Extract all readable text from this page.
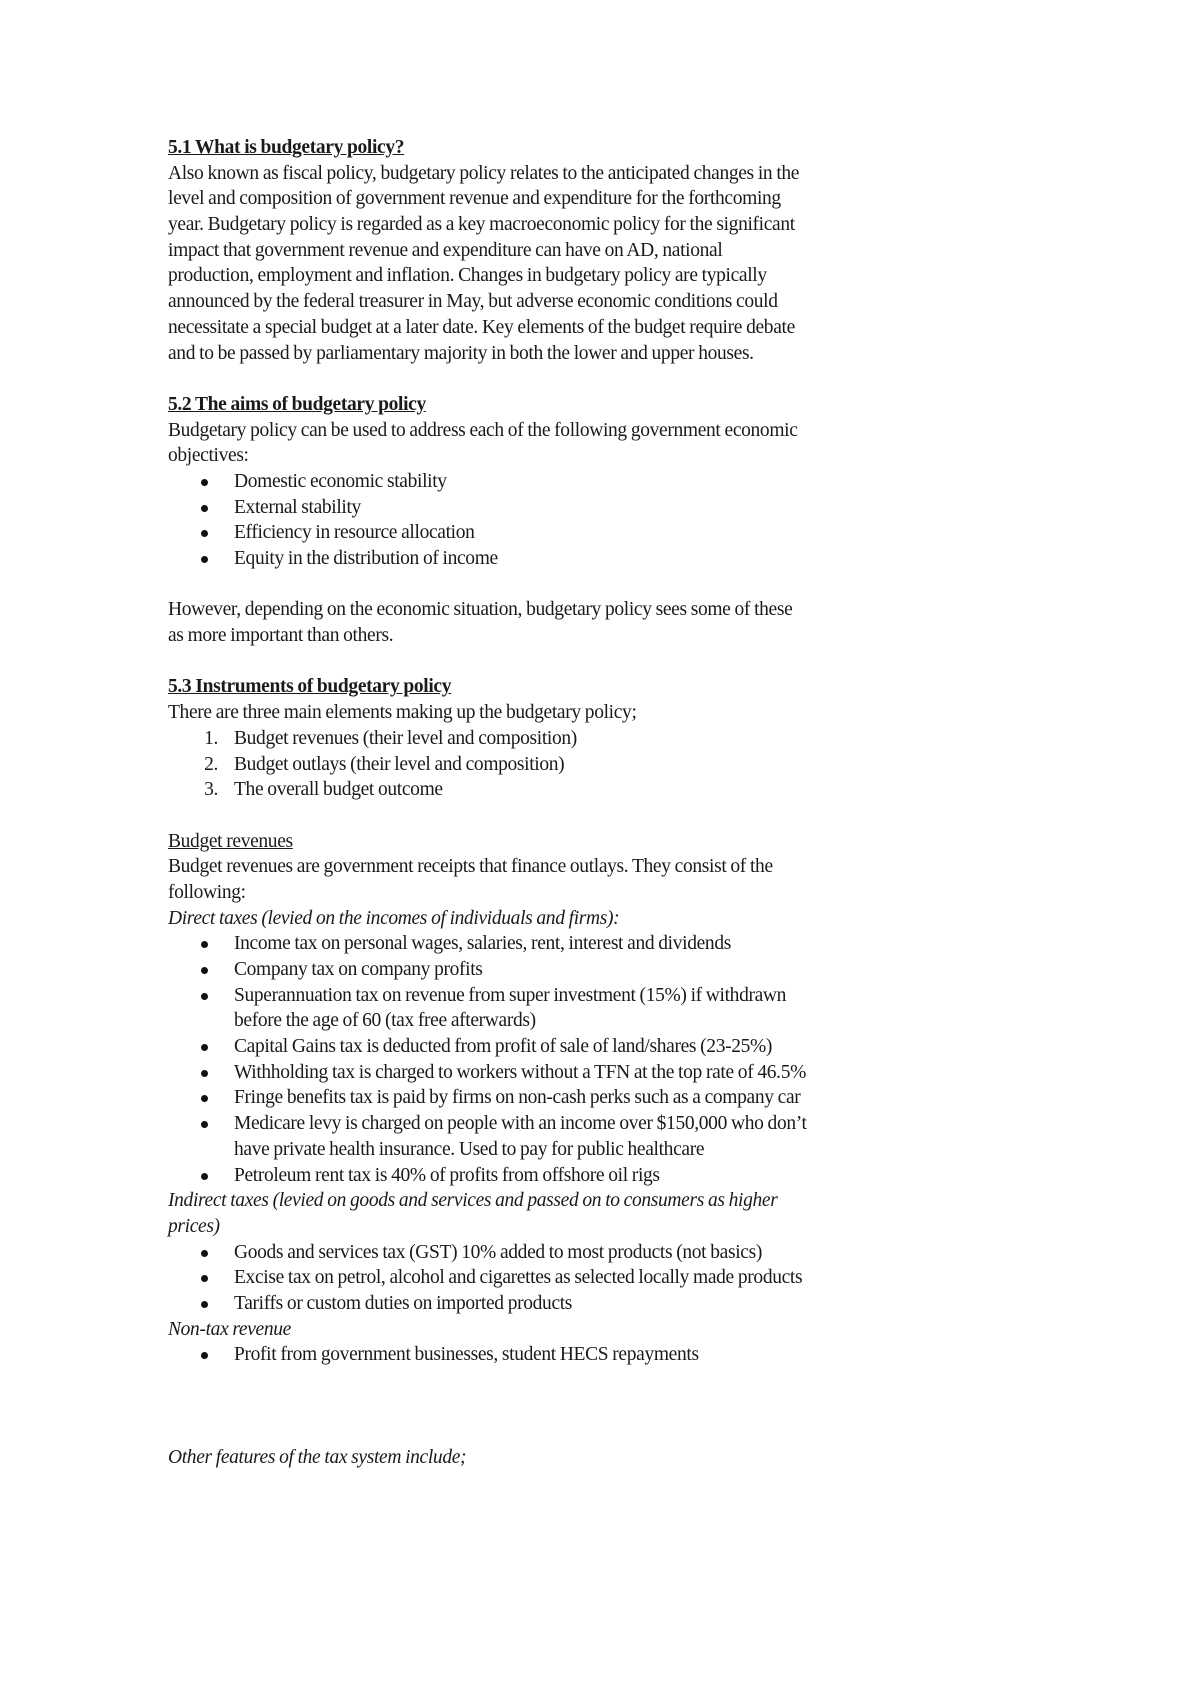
5.1 What is budgetary policy?
Also known as fiscal policy, budgetary policy relates to the anticipated changes in the
level and composition of government revenue and expenditure for the forthcoming
year. Budgetary policy is regarded as a key macroeconomic policy for the significant
impact that government revenue and expenditure can have on AD, national
production, employment and inflation. Changes in budgetary policy are typically
announced by the federal treasurer in May, but adverse economic conditions could
necessitate a special budget at a later date. Key elements of the budget require debate
and to be passed by parliamentary majority in both the lower and upper houses.
5.2 The aims of budgetary policy
Budgetary policy can be used to address each of the following government economic
objectives:
Domestic economic stability
External stability
Efficiency in resource allocation
Equity in the distribution of income
However, depending on the economic situation, budgetary policy sees some of these
as more important than others.
5.3 Instruments of budgetary policy
There are three main elements making up the budgetary policy;
1. Budget revenues (their level and composition)
2. Budget outlays (their level and composition)
3. The overall budget outcome
Budget revenues
Budget revenues are government receipts that finance outlays. They consist of the
following:
Direct taxes (levied on the incomes of individuals and firms):
Income tax on personal wages, salaries, rent, interest and dividends
Company tax on company profits
Superannuation tax on revenue from super investment (15%) if withdrawn
before the age of 60 (tax free afterwards)
Capital Gains tax is deducted from profit of sale of land/shares (23-25%)
Withholding tax is charged to workers without a TFN at the top rate of 46.5%
Fringe benefits tax is paid by firms on non-cash perks such as a company car
Medicare levy is charged on people with an income over $150,000 who don’t
have private health insurance. Used to pay for public healthcare
Petroleum rent tax is 40% of profits from offshore oil rigs
Indirect taxes (levied on goods and services and passed on to consumers as higher
prices)
Goods and services tax (GST) 10% added to most products (not basics)
Excise tax on petrol, alcohol and cigarettes as selected locally made products
Tariffs or custom duties on imported products
Non-tax revenue
Profit from government businesses, student HECS repayments
Other features of the tax system include;
